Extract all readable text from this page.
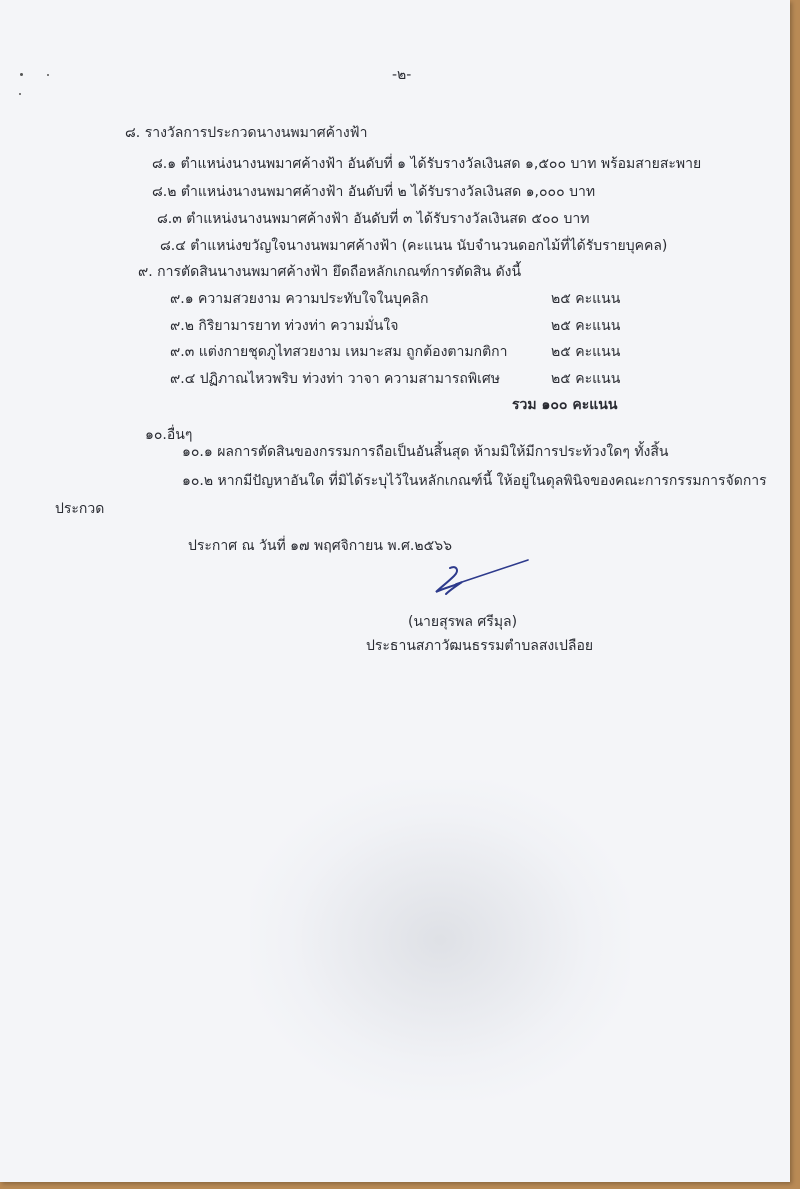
-๒-
๘. รางวัลการประกวดนางนพมาศค้างฟ้า
๘.๑ ตำแหน่งนางนพมาศค้างฟ้า อันดับที่ ๑ ได้รับรางวัลเงินสด ๑,๕๐๐ บาท พร้อมสายสะพาย
๘.๒ ตำแหน่งนางนพมาศค้างฟ้า อันดับที่ ๒ ได้รับรางวัลเงินสด ๑,๐๐๐ บาท
๘.๓ ตำแหน่งนางนพมาศค้างฟ้า อันดับที่ ๓ ได้รับรางวัลเงินสด ๕๐๐ บาท
๘.๔ ตำแหน่งขวัญใจนางนพมาศค้างฟ้า (คะแนน นับจำนวนดอกไม้ที่ได้รับรายบุคคล)
๙. การตัดสินนางนพมาศค้างฟ้า ยึดถือหลักเกณฑ์การตัดสิน ดังนี้
๙.๑ ความสวยงาม ความประทับใจในบุคลิก	๒๕ คะแนน
๙.๒ กิริยามารยาท ท่วงท่า ความมั่นใจ	๒๕ คะแนน
๙.๓ แต่งกายชุดภูไทสวยงาม เหมาะสม ถูกต้องตามกติกา	๒๕ คะแนน
๙.๔ ปฏิภาณไหวพริบ ท่วงท่า วาจา ความสามารถพิเศษ	๒๕ คะแนน
รวม ๑๐๐ คะแนน
๑๐.อื่นๆ
๑๐.๑ ผลการตัดสินของกรรมการถือเป็นอันสิ้นสุด ห้ามมิให้มีการประท้วงใดๆ ทั้งสิ้น
๑๐.๒ หากมีปัญหาอันใด ที่มิได้ระบุไว้ในหลักเกณฑ์นี้ ให้อยู่ในดุลพินิจของคณะการกรรมการจัดการ
ประกวด
ประกาศ ณ วันที่ ๑๗ พฤศจิกายน พ.ศ.๒๕๖๖
(นายสุรพล ศรีมุล)
ประธานสภาวัฒนธรรมตำบลสงเปลือย
